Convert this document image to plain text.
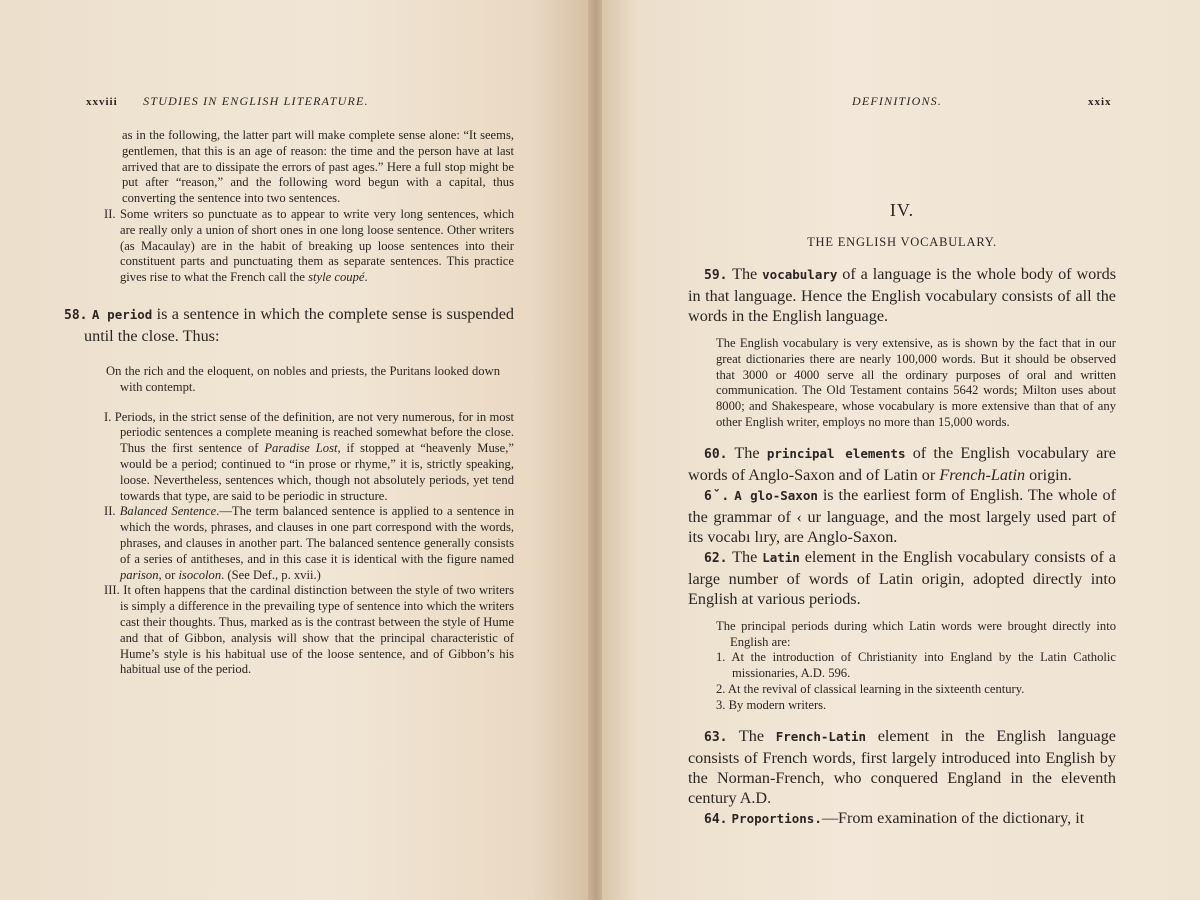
xxviii STUDIES IN ENGLISH LITERATURE.

as in the following, the latter part will make complete sense alone: “It seems, gentlemen, that this is an age of reason: the time and the person have at last arrived that are to dissipate the errors of past ages.” Here a full stop might be put after “reason,” and the following word begun with a capital, thus converting the sentence into two sentences.

II. Some writers so punctuate as to appear to write very long sentences, which are really only a union of short ones in one long loose sentence. Other writers (as Macaulay) are in the habit of breaking up loose sentences into their constituent parts and punctuating them as separate sentences. This practice gives rise to what the French call the style coupé.

58. A period is a sentence in which the complete sense is suspended until the close. Thus:

On the rich and the eloquent, on nobles and priests, the Puritans looked down with contempt.

I. Periods, in the strict sense of the definition, are not very numerous, for in most periodic sentences a complete meaning is reached somewhat before the close. Thus the first sentence of Paradise Lost, if stopped at “heavenly Muse,” would be a period; continued to “in prose or rhyme,” it is, strictly speaking, loose. Nevertheless, sentences which, though not absolutely periods, yet tend towards that type, are said to be periodic in structure.

II. Balanced Sentence.—The term balanced sentence is applied to a sentence in which the words, phrases, and clauses in one part correspond with the words, phrases, and clauses in another part. The balanced sentence generally consists of a series of antitheses, and in this case it is identical with the figure named parison, or isocolon. (See Def., p. xvii.)

III. It often happens that the cardinal distinction between the style of two writers is simply a difference in the prevailing type of sentence into which the writers cast their thoughts. Thus, marked as is the contrast between the style of Hume and that of Gibbon, analysis will show that the principal characteristic of Hume’s style is his habitual use of the loose sentence, and of Gibbon’s his habitual use of the period.

DEFINITIONS.	xxix
IV.
THE ENGLISH VOCABULARY.

59. The vocabulary of a language is the whole body of words in that language. Hence the English vocabulary consists of all the words in the English language.

The English vocabulary is very extensive, as is shown by the fact that in our great dictionaries there are nearly 100,000 words. But it should be observed that 3000 or 4000 serve all the ordinary purposes of oral and written communication. The Old Testament contains 5642 words; Milton uses about 8000; and Shakespeare, whose vocabulary is more extensive than that of any other English writer, employs no more than 15,000 words.

60. The principal elements of the English vocabulary are words of Anglo-Saxon and of Latin or French-Latin origin.

6ˇ. A glo-Saxon is the earliest form of English. The whole of the grammar of ‹ ur language, and the most largely used part of its vocabı lıry, are Anglo-Saxon.

62. The Latin element in the English vocabulary consists of a large number of words of Latin origin, adopted directly into English at various periods.

The principal periods during which Latin words were brought directly into English are:

1. At the introduction of Christianity into England by the Latin Catholic missionaries, A.D. 596.

2. At the revival of classical learning in the sixteenth century.

3. By modern writers.

63. The French-Latin element in the English language consists of French words, first largely introduced into English by the Norman-French, who conquered England in the eleventh century A.D.

64. Proportions.—From examination of the dictionary, it
